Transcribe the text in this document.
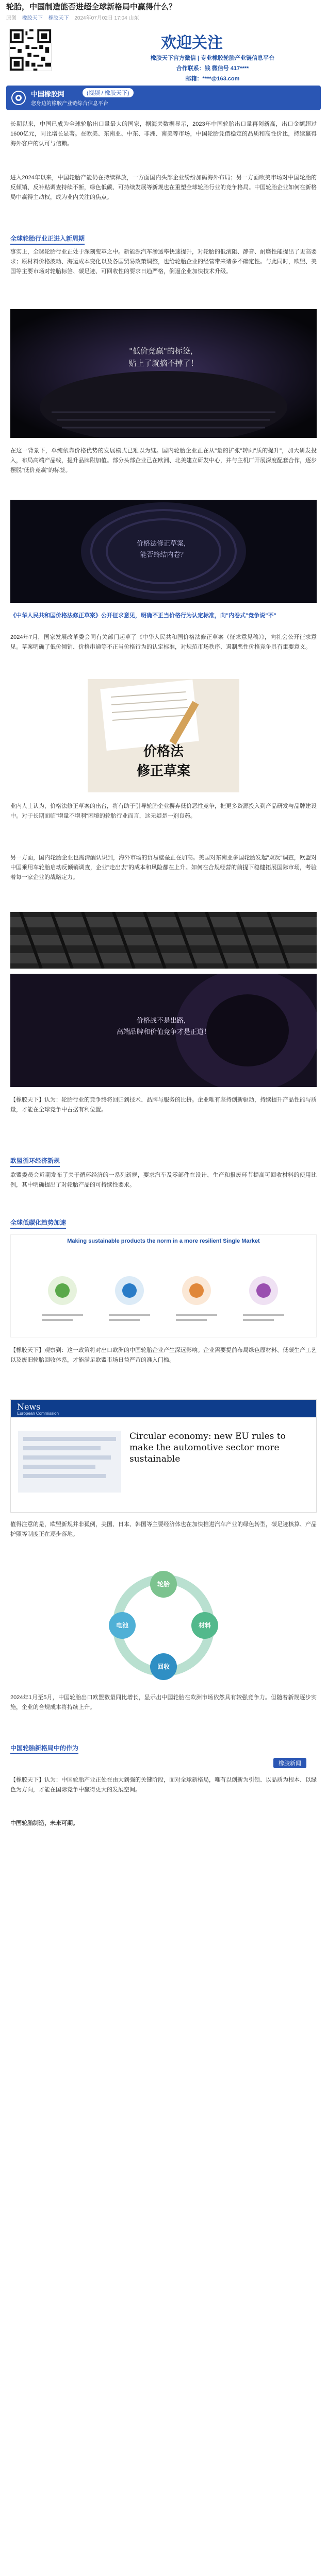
轮胎，中国制造能否进超全球新格局中赢得什么？
原创 橡胶天下 橡胶天下 2024年07月02日 17:04 山东
欢迎关注
橡胶天下官方微信 | 专业橡胶轮胎产业链信息平台
合作联系：钱 微信号 417****
邮箱：****@163.com
中国橡胶网	(视频 / 橡胶天下)
您身边的橡胶产业链综合信息平台
长期以来，中国已成为全球轮胎出口量最大的国家，据海关数据显示，2023年中国轮胎出口量再创新高，出口金额超过1600亿元，同比增长显著。在欧美、东南亚、中东、非洲、南美等市场，中国轮胎凭借稳定的品质和高性价比，持续赢得海外客户的认可与信赖。
进入2024年以来，中国轮胎产能仍在持续释放，一方面国内头部企业纷纷加码海外布局；另一方面欧美市场对中国轮胎的反倾销、反补贴调查持续不断，绿色低碳、可持续发展等新规也在重塑全球轮胎行业的竞争格局。中国轮胎企业如何在新格局中赢得主动权，成为业内关注的焦点。
全球轮胎行业正进入新周期
事实上，全球轮胎行业正处于深刻变革之中。新能源汽车渗透率快速提升，对轮胎的低滚阻、静音、耐磨性能提出了更高要求；原材料价格波动、海运成本变化以及各国贸易政策调整，也给轮胎企业的经营带来诸多不确定性。与此同时，欧盟、美国等主要市场对轮胎标签、碳足迹、可回收性的要求日趋严格，倒逼企业加快技术升级。
"低价竞赢"的标签，
贴上了就摘不掉了！
在这一背景下，单纯依靠价格优势的发展模式已难以为继。国内轮胎企业正在从"量的扩张"转向"质的提升"，加大研发投入，布局高端产品线，提升品牌附加值。部分头部企业已在欧洲、北美建立研发中心，并与主机厂开展深度配套合作，逐步摆脱"低价竞赢"的标签。
价格法修正草案，
能否终结内卷？
《中华人民共和国价格法修正草案》公开征求意见，明确不正当价格行为认定标准，向"内卷式"竞争说"不"
2024年7月，国家发展改革委会同有关部门起草了《中华人民共和国价格法修正草案（征求意见稿）》，向社会公开征求意见。草案明确了低价倾销、价格串通等不正当价格行为的认定标准，对规范市场秩序、遏制恶性价格竞争具有重要意义。
价格法
修正草案
业内人士认为，价格法修正草案的出台，将有助于引导轮胎企业摒弃低价恶性竞争，把更多资源投入到产品研发与品牌建设中。对于长期面临"增量不增利"困境的轮胎行业而言，这无疑是一剂良药。
另一方面，国内轮胎企业也需清醒认识到，海外市场的贸易壁垒正在加高。美国对东南亚多国轮胎发起"双反"调查，欧盟对中国乘用车轮胎启动反倾销调查，企业"走出去"的成本和风险都在上升。如何在合规经营的前提下稳健拓展国际市场，考验着每一家企业的战略定力。
价格战不是出路，
高端品牌和价值竞争才是正道！
【橡胶天下】认为：轮胎行业的竞争终将回归到技术、品牌与服务的比拼。企业唯有坚持创新驱动，持续提升产品性能与质量，才能在全球竞争中占据有利位置。
欧盟循环经济新规
欧盟委员会近期发布了关于循环经济的一系列新规，要求汽车及零部件在设计、生产和报废环节提高可回收材料的使用比例，其中明确提出了对轮胎产品的可持续性要求。
全球低碳化趋势加速
Making sustainable products the norm in a more resilient Single Market
【橡胶天下】观察到：这一政策将对出口欧洲的中国轮胎企业产生深远影响。企业需要提前布局绿色原材料、低碳生产工艺以及废旧轮胎回收体系，才能满足欧盟市场日益严苛的准入门槛。
News
European Commission
Circular economy: new EU rules to make the automotive sector more sustainable
值得注意的是，欧盟新规并非孤例，美国、日本、韩国等主要经济体也在加快推进汽车产业的绿色转型，碳足迹核算、产品护照等制度正在逐步落地。
轮胎
电池	材料
回收
2024年1月至5月，中国轮胎出口欧盟数量同比增长，显示出中国轮胎在欧洲市场依然具有较强竞争力。但随着新规逐步实施，企业的合规成本将持续上升。
中国轮胎新格局中的作为
橡胶新闻
【橡胶天下】认为：中国轮胎产业正处在由大到强的关键阶段，面对全球新格局，唯有以创新为引领、以品质为根本、以绿色为方向，才能在国际竞争中赢得更大的发展空间。
中国轮胎制造，未来可期。
